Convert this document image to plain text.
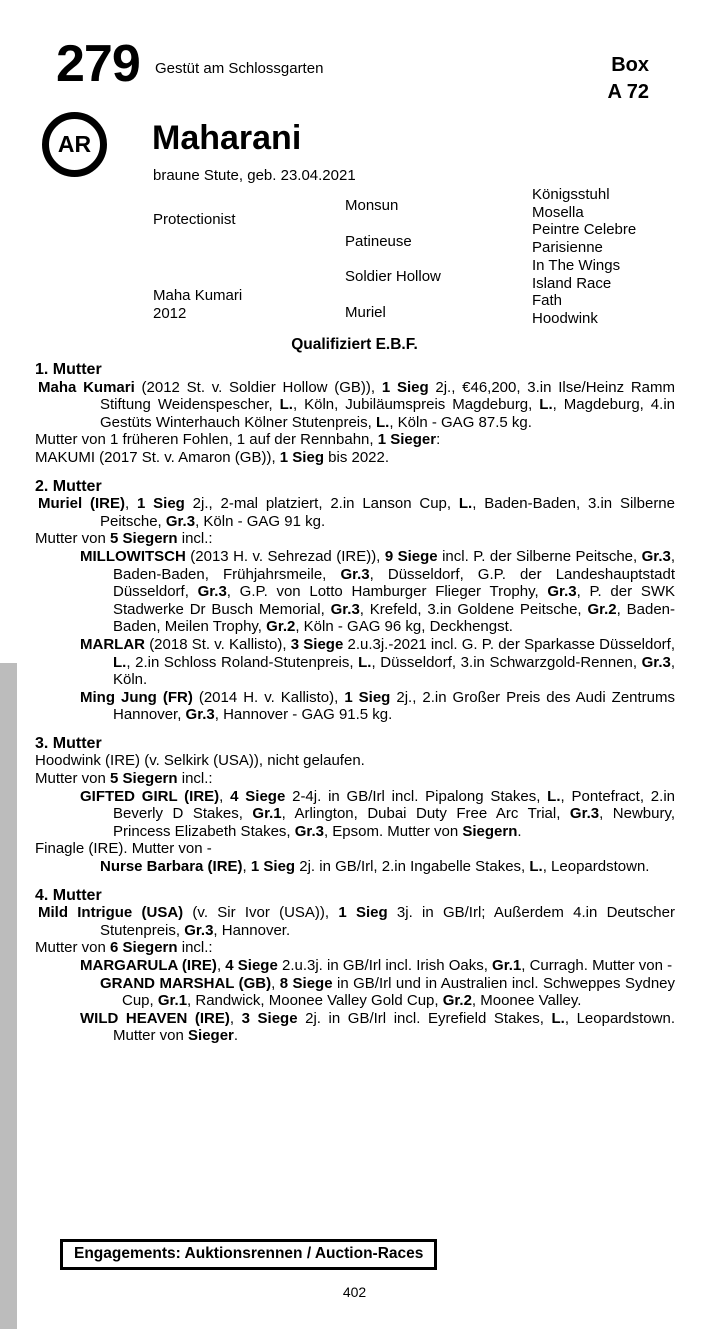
279 Gestüt am Schlossgarten	Box
A 72
AR Maharani
braune Stute, geb. 23.04.2021
Protectionist
Maha Kumari
2012
Monsun
Patineuse
Soldier Hollow
Muriel
Königsstuhl
Mosella
Peintre Celebre
Parisienne
In The Wings
Island Race
Fath
Hoodwink
Qualifiziert E.B.F.
1. Mutter

Maha Kumari (2012 St. v. Soldier Hollow (GB)), 1 Sieg 2j., €46,200, 3.in Ilse/Heinz Ramm Stiftung Weidenspescher, L., Köln, Jubiläumspreis Magdeburg, L., Magdeburg, 4.in Gestüts Winterhauch Kölner Stutenpreis, L., Köln - GAG 87.5 kg.

Mutter von 1 früheren Fohlen, 1 auf der Rennbahn, 1 Sieger:

MAKUMI (2017 St. v. Amaron (GB)), 1 Sieg bis 2022.

2. Mutter

Muriel (IRE), 1 Sieg 2j., 2-mal platziert, 2.in Lanson Cup, L., Baden-Baden, 3.in Silberne Peitsche, Gr.3, Köln - GAG 91 kg.

Mutter von 5 Siegern incl.:

MILLOWITSCH (2013 H. v. Sehrezad (IRE)), 9 Siege incl. P. der Silberne Peitsche, Gr.3, Baden-Baden, Frühjahrsmeile, Gr.3, Düsseldorf, G.P. der Landeshauptstadt Düsseldorf, Gr.3, G.P. von Lotto Hamburger Flieger Trophy, Gr.3, P. der SWK Stadwerke Dr Busch Memorial, Gr.3, Krefeld, 3.in Goldene Peitsche, Gr.2, Baden-Baden, Meilen Trophy, Gr.2, Köln - GAG 96 kg, Deckhengst.

MARLAR (2018 St. v. Kallisto), 3 Siege 2.u.3j.-2021 incl. G. P. der Sparkasse Düsseldorf, L., 2.in Schloss Roland-Stutenpreis, L., Düsseldorf, 3.in Schwarzgold-Rennen, Gr.3, Köln.

Ming Jung (FR) (2014 H. v. Kallisto), 1 Sieg 2j., 2.in Großer Preis des Audi Zentrums Hannover, Gr.3, Hannover - GAG 91.5 kg.

3. Mutter

Hoodwink (IRE) (v. Selkirk (USA)), nicht gelaufen.

Mutter von 5 Siegern incl.:

GIFTED GIRL (IRE), 4 Siege 2-4j. in GB/Irl incl. Pipalong Stakes, L., Pontefract, 2.in Beverly D Stakes, Gr.1, Arlington, Dubai Duty Free Arc Trial, Gr.3, Newbury, Princess Elizabeth Stakes, Gr.3, Epsom. Mutter von Siegern.

Finagle (IRE). Mutter von -

Nurse Barbara (IRE), 1 Sieg 2j. in GB/Irl, 2.in Ingabelle Stakes, L., Leopardstown.

4. Mutter

Mild Intrigue (USA) (v. Sir Ivor (USA)), 1 Sieg 3j. in GB/Irl; Außerdem 4.in Deutscher Stutenpreis, Gr.3, Hannover.

Mutter von 6 Siegern incl.:

MARGARULA (IRE), 4 Siege 2.u.3j. in GB/Irl incl. Irish Oaks, Gr.1, Curragh. Mutter von -

GRAND MARSHAL (GB), 8 Siege in GB/Irl und in Australien incl. Schweppes Sydney Cup, Gr.1, Randwick, Moonee Valley Gold Cup, Gr.2, Moonee Valley.

WILD HEAVEN (IRE), 3 Siege 2j. in GB/Irl incl. Eyrefield Stakes, L., Leopardstown. Mutter von Sieger.

Engagements: Auktionsrennen / Auction-Races
402
